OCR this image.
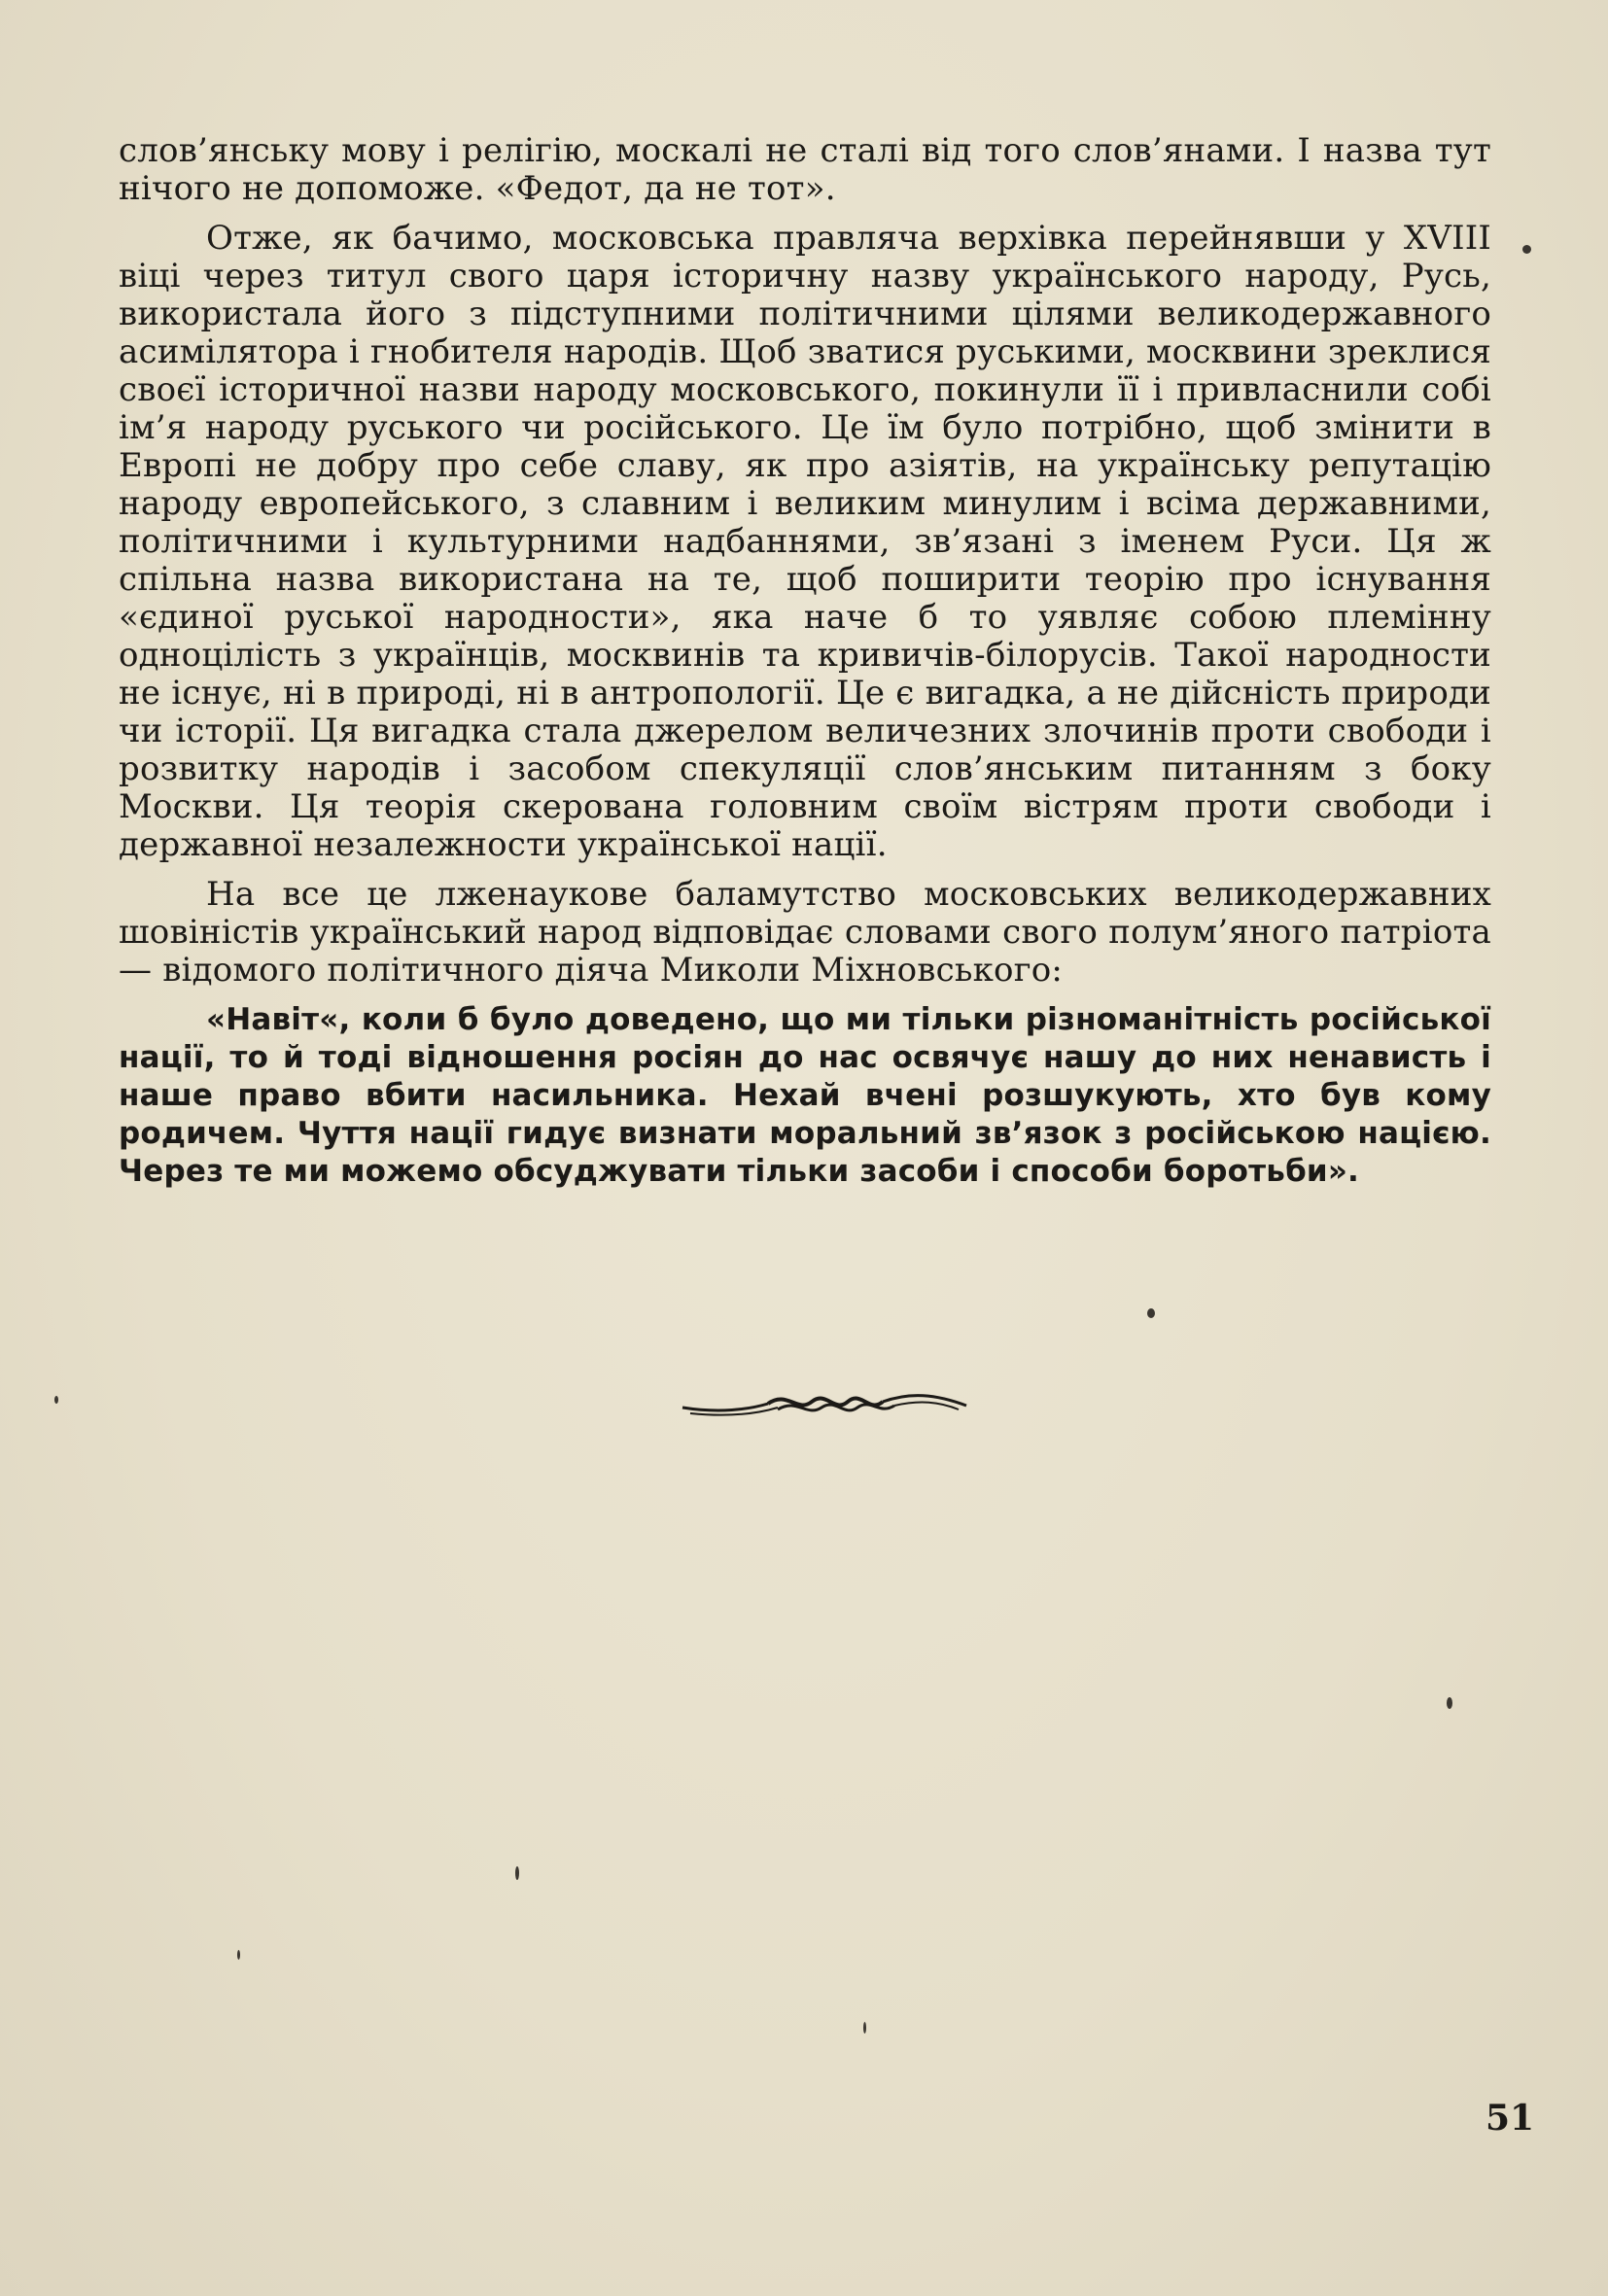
слов’янську мову і релігію, москалі не сталі від того слов’янами. І назва тут нічого не допоможе. «Федот, да не тот».

Отже, як бачимо, московська правляча верхівка перейнявши у XVIII віці через титул свого царя історичну назву українського народу, Русь, використала його з підступними політичними цілями великодержавного асимілятора і гнобителя народів. Щоб зватися руськими, москвини зреклися своєї історичної назви народу московського, покинули її і привласнили собі ім’я народу руського чи російського. Це їм було потрібно, щоб змінити в Европі не добру про себе славу, як про азіятів, на українську репутацію народу европейського, з славним і великим минулим і всіма державними, політичними і культурними надбаннями, зв’язані з іменем Руси. Ця ж спільна назва використана на те, щоб поширити теорію про існування «єдиної руської народности», яка наче б то уявляє собою племінну одноцілість з українців, москвинів та кривичів-білорусів. Такої народности не існує, ні в природі, ні в антропології. Це є вигадка, а не дійсність природи чи історії. Ця вигадка стала джерелом величезних злочинів проти свободи і розвитку народів і засобом спекуляції слов’янським питанням з боку Москви. Ця теорія скерована головним своїм вістрям проти свободи і державної незалежности української нації.

На все це лженаукове баламутство московських великодержавних шовіністів український народ відповідає словами свого полум’яного патріота — відомого політичного діяча Миколи Міхновського:

«Навіт«, коли б було доведено, що ми тільки різноманітність російської нації, то й тоді відношення росіян до нас освячує нашу до них ненависть і наше право вбити насильника. Нехай вчені розшукують, хто був кому родичем. Чуття нації гидує визнати моральний зв’язок з російською нацією. Через те ми можемо обсуджувати тільки засоби і способи боротьби».

51
